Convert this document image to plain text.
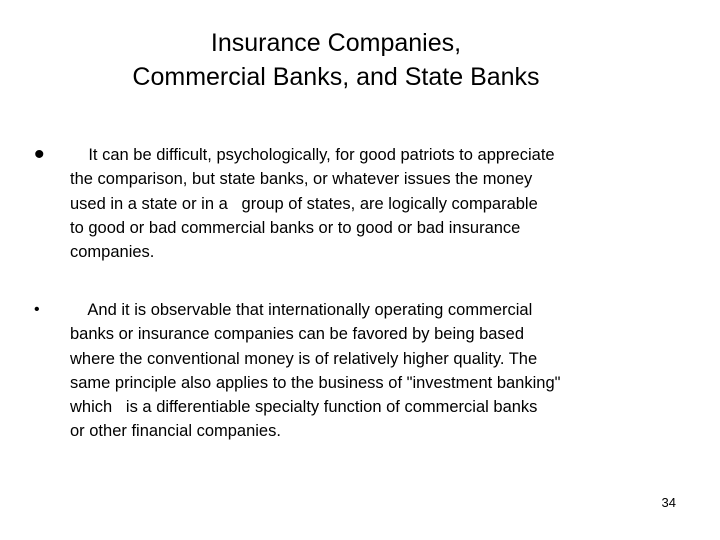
Insurance Companies,
Commercial Banks, and State Banks
• It can be difficult, psychologically, for good patriots to appreciate
the comparison, but state banks, or whatever issues the money
used in a state or in a   group of states, are logically comparable
to good or bad commercial banks or to good or bad insurance
companies.
• And it is observable that internationally operating commercial
banks or insurance companies can be favored by being based
where the conventional money is of relatively higher quality. The
same principle also applies to the business of "investment banking"
which   is a differentiable specialty function of commercial banks
or other financial companies.
34
